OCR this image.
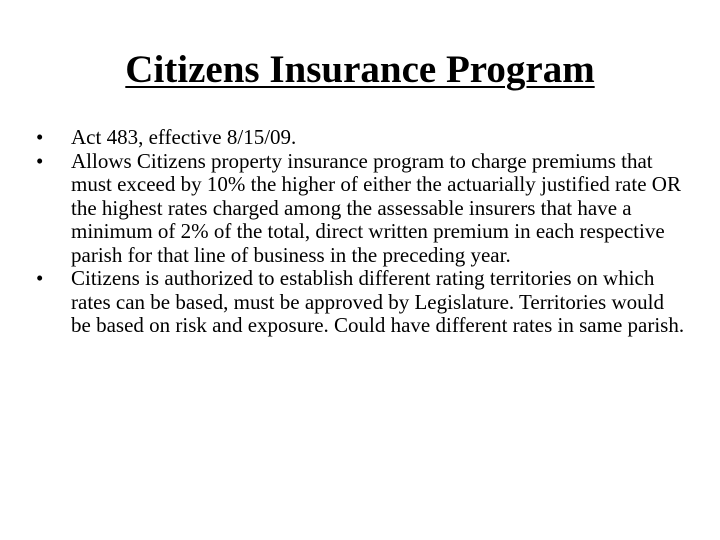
Citizens Insurance Program
• Act 483, effective 8/15/09.
• Allows Citizens property insurance program to charge premiums that must exceed by 10% the higher of either the actuarially justified rate OR the highest rates charged among the assessable insurers that have a minimum of 2% of the total, direct written premium in each respective parish for that line of business in the preceding year.
• Citizens is authorized to establish different rating territories on which rates can be based, must be approved by Legislature. Territories would be based on risk and exposure. Could have different rates in same parish.
